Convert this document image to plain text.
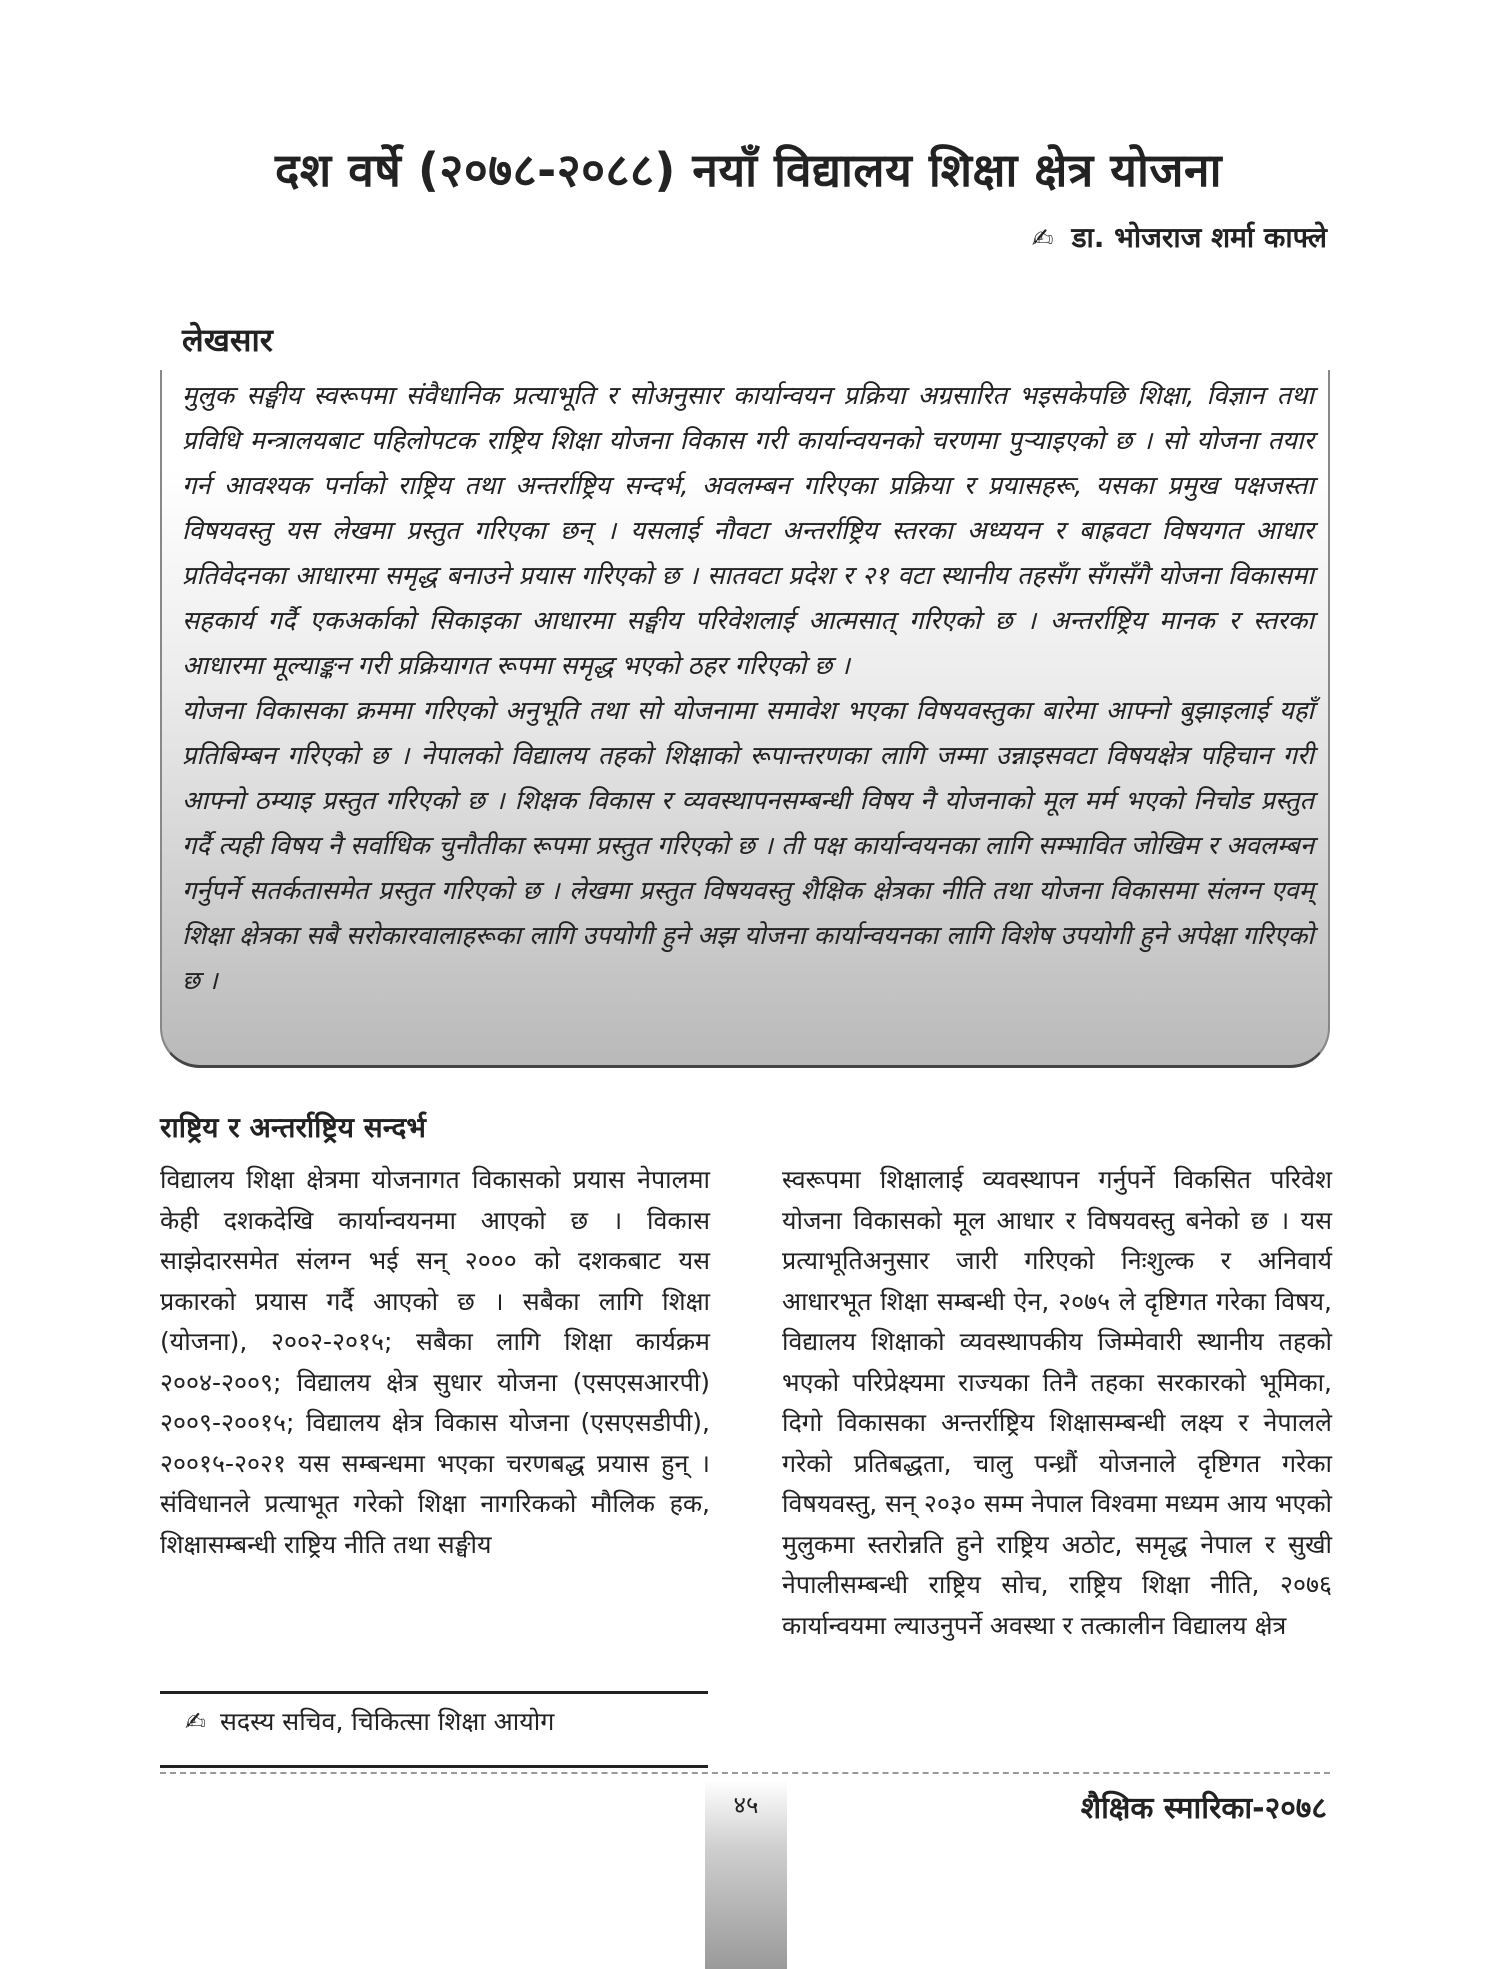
दश वर्षे (२०७८-२०८८) नयाँ विद्यालय शिक्षा क्षेत्र योजना
✍ डा. भोजराज शर्मा काफ्ले
लेखसार

मुलुक सङ्घीय स्वरूपमा संवैधानिक प्रत्याभूति र सोअनुसार कार्यान्वयन प्रक्रिया अग्रसारित भइसकेपछि शिक्षा, विज्ञान तथा प्रविधि मन्त्रालयबाट पहिलोपटक राष्ट्रिय शिक्षा योजना विकास गरी कार्यान्वयनको चरणमा पुऱ्याइएको छ । सो योजना तयार गर्न आवश्यक पर्नाको राष्ट्रिय तथा अन्तर्राष्ट्रिय सन्दर्भ, अवलम्बन गरिएका प्रक्रिया र प्रयासहरू, यसका प्रमुख पक्षजस्ता विषयवस्तु यस लेखमा प्रस्तुत गरिएका छन् । यसलाई नौवटा अन्तर्राष्ट्रिय स्तरका अध्ययन र बाह्रवटा विषयगत आधार प्रतिवेदनका आधारमा समृद्ध बनाउने प्रयास गरिएको छ । सातवटा प्रदेश र २१ वटा स्थानीय तहसँग सँगसँगै योजना विकासमा सहकार्य गर्दै एकअर्काको सिकाइका आधारमा सङ्घीय परिवेशलाई आत्मसात् गरिएको छ । अन्तर्राष्ट्रिय मानक र स्तरका आधारमा मूल्याङ्कन गरी प्रक्रियागत रूपमा समृद्ध भएको ठहर गरिएको छ ।

योजना विकासका क्रममा गरिएको अनुभूति तथा सो योजनामा समावेश भएका विषयवस्तुका बारेमा आफ्नो बुझाइलाई यहाँ प्रतिबिम्बन गरिएको छ । नेपालको विद्यालय तहको शिक्षाको रूपान्तरणका लागि जम्मा उन्नाइसवटा विषयक्षेत्र पहिचान गरी आफ्नो ठम्याइ प्रस्तुत गरिएको छ । शिक्षक विकास र व्यवस्थापनसम्बन्धी विषय नै योजनाको मूल मर्म भएको निचोड प्रस्तुत गर्दै त्यही विषय नै सर्वाधिक चुनौतीका रूपमा प्रस्तुत गरिएको छ । ती पक्ष कार्यान्वयनका लागि सम्भावित जोखिम र अवलम्बन गर्नुपर्ने सतर्कतासमेत प्रस्तुत गरिएको छ । लेखमा प्रस्तुत विषयवस्तु शैक्षिक क्षेत्रका नीति तथा योजना विकासमा संलग्न एवम् शिक्षा क्षेत्रका सबै सरोकारवालाहरूका लागि उपयोगी हुने अझ योजना कार्यान्वयनका लागि विशेष उपयोगी हुने अपेक्षा गरिएको छ ।

राष्ट्रिय र अन्तर्राष्ट्रिय सन्दर्भ
विद्यालय शिक्षा क्षेत्रमा योजनागत विकासको प्रयास नेपालमा केही दशकदेखि कार्यान्वयनमा आएको छ । विकास साझेदारसमेत संलग्न भई सन् २००० को दशकबाट यस प्रकारको प्रयास गर्दै आएको छ । सबैका लागि शिक्षा (योजना), २००२-२०१५; सबैका लागि शिक्षा कार्यक्रम २००४-२००९; विद्यालय क्षेत्र सुधार योजना (एसएसआरपी) २००९-२००१५; विद्यालय क्षेत्र विकास योजना (एसएसडीपी), २००१५-२०२१ यस सम्बन्धमा भएका चरणबद्ध प्रयास हुन् । संविधानले प्रत्याभूत गरेको शिक्षा नागरिकको मौलिक हक, शिक्षासम्बन्धी राष्ट्रिय नीति तथा सङ्घीय
स्वरूपमा शिक्षालाई व्यवस्थापन गर्नुपर्ने विकसित परिवेश योजना विकासको मूल आधार र विषयवस्तु बनेको छ । यस प्रत्याभूतिअनुसार जारी गरिएको निःशुल्क र अनिवार्य आधारभूत शिक्षा सम्बन्धी ऐन, २०७५ ले दृष्टिगत गरेका विषय, विद्यालय शिक्षाको व्यवस्थापकीय जिम्मेवारी स्थानीय तहको भएको परिप्रेक्ष्यमा राज्यका तिनै तहका सरकारको भूमिका, दिगो विकासका अन्तर्राष्ट्रिय शिक्षासम्बन्धी लक्ष्य र नेपालले गरेको प्रतिबद्धता, चालु पन्ध्रौं योजनाले दृष्टिगत गरेका विषयवस्तु, सन् २०३० सम्म नेपाल विश्वमा मध्यम आय भएको मुलुकमा स्तरोन्नति हुने राष्ट्रिय अठोट, समृद्ध नेपाल र सुखी नेपालीसम्बन्धी राष्ट्रिय सोच, राष्ट्रिय शिक्षा नीति, २०७६ कार्यान्वयमा ल्याउनुपर्ने अवस्था र तत्कालीन विद्यालय क्षेत्र
✍ सदस्य सचिव, चिकित्सा शिक्षा आयोग
४५	शैक्षिक स्मारिका-२०७८
